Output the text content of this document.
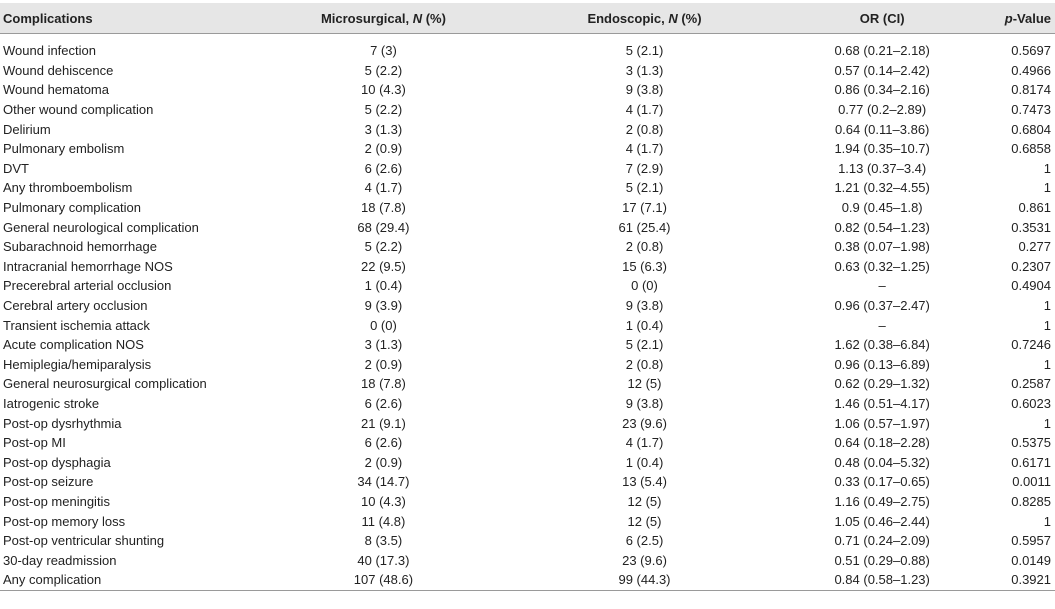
Complications	Microsurgical, N (%)	Endoscopic, N (%)	OR (CI)	p-Value

Wound infection	7 (3)	5 (2.1)	0.68 (0.21–2.18)	0.5697
Wound dehiscence	5 (2.2)	3 (1.3)	0.57 (0.14–2.42)	0.4966
Wound hematoma	10 (4.3)	9 (3.8)	0.86 (0.34–2.16)	0.8174
Other wound complication	5 (2.2)	4 (1.7)	0.77 (0.2–2.89)	0.7473
Delirium	3 (1.3)	2 (0.8)	0.64 (0.11–3.86)	0.6804
Pulmonary embolism	2 (0.9)	4 (1.7)	1.94 (0.35–10.7)	0.6858
DVT	6 (2.6)	7 (2.9)	1.13 (0.37–3.4)	1
Any thromboembolism	4 (1.7)	5 (2.1)	1.21 (0.32–4.55)	1
Pulmonary complication	18 (7.8)	17 (7.1)	0.9 (0.45–1.8)	0.861
General neurological complication	68 (29.4)	61 (25.4)	0.82 (0.54–1.23)	0.3531
Subarachnoid hemorrhage	5 (2.2)	2 (0.8)	0.38 (0.07–1.98)	0.277
Intracranial hemorrhage NOS	22 (9.5)	15 (6.3)	0.63 (0.32–1.25)	0.2307
Precerebral arterial occlusion	1 (0.4)	0 (0)	–	0.4904
Cerebral artery occlusion	9 (3.9)	9 (3.8)	0.96 (0.37–2.47)	1
Transient ischemia attack	0 (0)	1 (0.4)	–	1
Acute complication NOS	3 (1.3)	5 (2.1)	1.62 (0.38–6.84)	0.7246
Hemiplegia/hemiparalysis	2 (0.9)	2 (0.8)	0.96 (0.13–6.89)	1
General neurosurgical complication	18 (7.8)	12 (5)	0.62 (0.29–1.32)	0.2587
Iatrogenic stroke	6 (2.6)	9 (3.8)	1.46 (0.51–4.17)	0.6023
Post-op dysrhythmia	21 (9.1)	23 (9.6)	1.06 (0.57–1.97)	1
Post-op MI	6 (2.6)	4 (1.7)	0.64 (0.18–2.28)	0.5375
Post-op dysphagia	2 (0.9)	1 (0.4)	0.48 (0.04–5.32)	0.6171
Post-op seizure	34 (14.7)	13 (5.4)	0.33 (0.17–0.65)	0.0011
Post-op meningitis	10 (4.3)	12 (5)	1.16 (0.49–2.75)	0.8285
Post-op memory loss	11 (4.8)	12 (5)	1.05 (0.46–2.44)	1
Post-op ventricular shunting	8 (3.5)	6 (2.5)	0.71 (0.24–2.09)	0.5957
30-day readmission	40 (17.3)	23 (9.6)	0.51 (0.29–0.88)	0.0149
Any complication	107 (48.6)	99 (44.3)	0.84 (0.58–1.23)	0.3921
